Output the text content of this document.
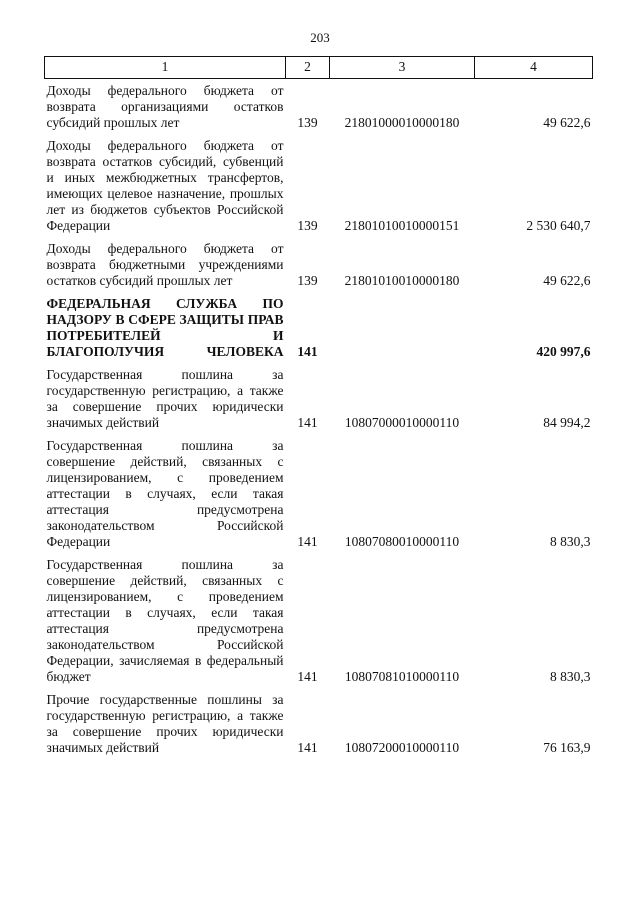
203
1	2	3	4
Доходы федерального бюджета от возврата организациями остатков субсидий прошлых лет	139	21801000010000180	49 622,6
Доходы федерального бюджета от возврата остатков субсидий, субвенций и иных межбюджетных трансфертов, имеющих целевое назначение, прошлых лет из бюджетов субъектов Российской Федерации	139	21801010010000151	2 530 640,7
Доходы федерального бюджета от возврата бюджетными учреждениями остатков субсидий прошлых лет	139	21801010010000180	49 622,6
ФЕДЕРАЛЬНАЯ СЛУЖБА ПО НАДЗОРУ В СФЕРЕ ЗАЩИТЫ ПРАВ ПОТРЕБИТЕЛЕЙ И БЛАГОПОЛУЧИЯ ЧЕЛОВЕКА	141		420 997,6
Государственная пошлина за государственную регистрацию, а также за совершение прочих юридически значимых действий	141	10807000010000110	84 994,2
Государственная пошлина за совершение действий, связанных с лицензированием, с проведением аттестации в случаях, если такая аттестация предусмотрена законодательством Российской Федерации	141	10807080010000110	8 830,3
Государственная пошлина за совершение действий, связанных с лицензированием, с проведением аттестации в случаях, если такая аттестация предусмотрена законодательством Российской Федерации, зачисляемая в федеральный бюджет	141	10807081010000110	8 830,3
Прочие государственные пошлины за государственную регистрацию, а также за совершение прочих юридически значимых действий	141	10807200010000110	76 163,9
